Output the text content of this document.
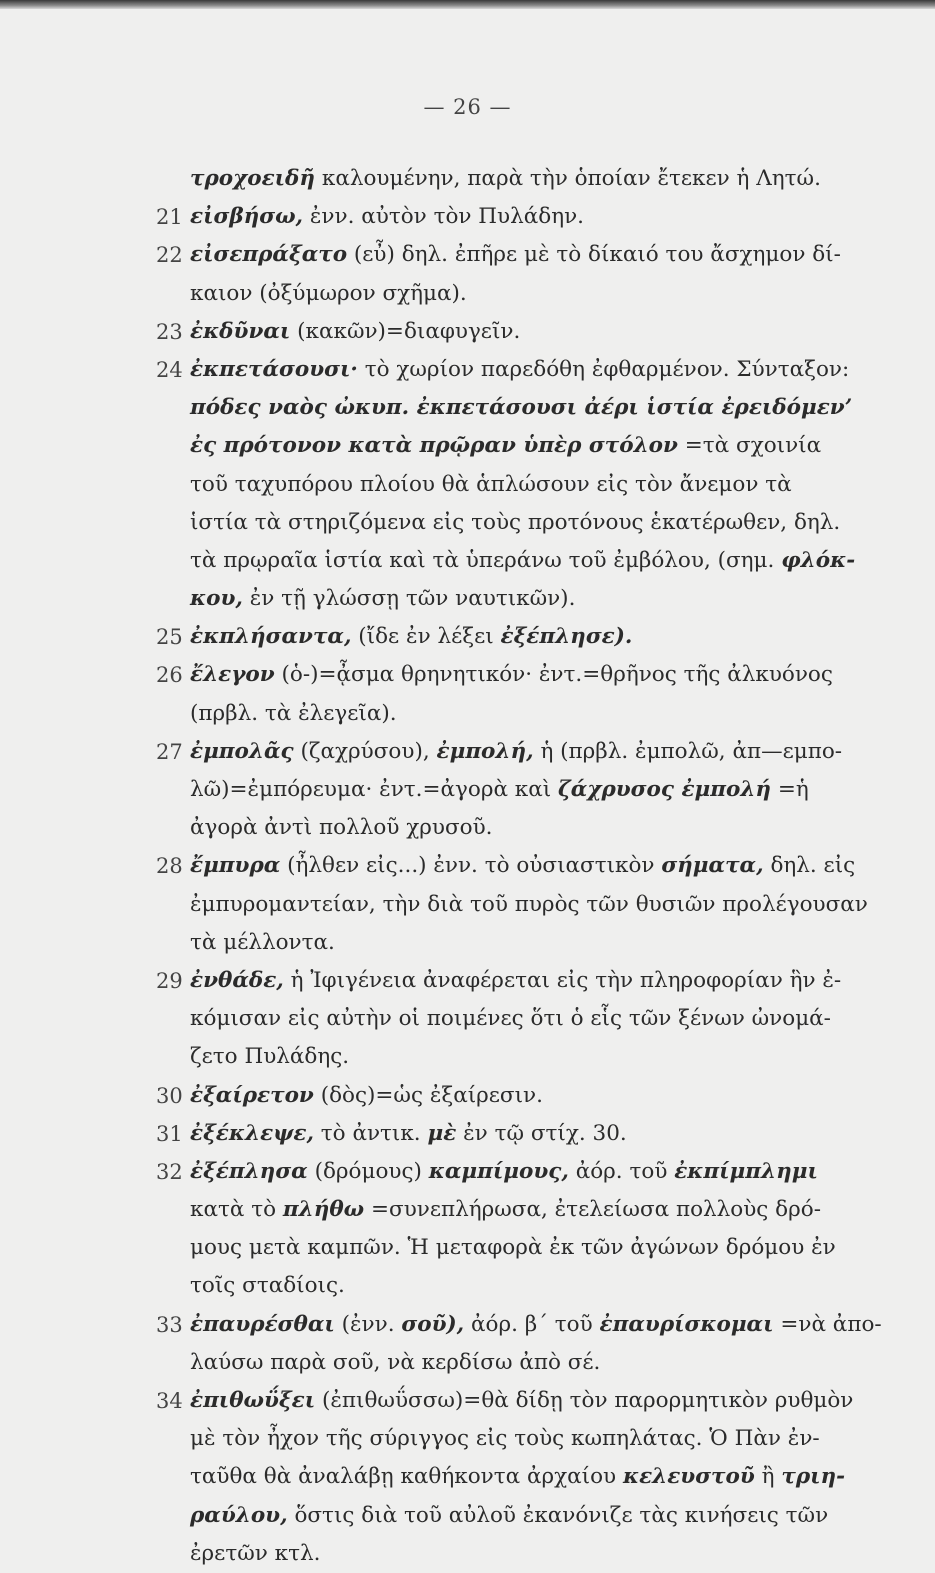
— 26 —
τροχοειδῆ καλουμένην, παρὰ τὴν ὁποίαν ἔτεκεν ἡ Λητώ.
21 εἰσβήσω, ἐνν. αὐτὸν τὸν Πυλάδην.
22 εἰσεπράξατο (εὖ) δηλ. ἐπῆρε μὲ τὸ δίκαιό του ἄσχημον δί-
καιον (ὀξύμωρον σχῆμα).
23 ἐκδῦναι (κακῶν)=διαφυγεῖν.
24 ἐκπετάσουσι· τὸ χωρίον παρεδόθη ἐφθαρμένον. Σύνταξον:
πόδες ναὸς ὠκυπ. ἐκπετάσουσι ἀέρι ἱστία ἐρειδόμεν’
ἐς πρότονον κατὰ πρῷραν ὑπὲρ στόλον =τὰ σχοινία
τοῦ ταχυπόρου πλοίου θὰ ἁπλώσουν εἰς τὸν ἄνεμον τὰ
ἱστία τὰ στηριζόμενα εἰς τοὺς προτόνους ἑκατέρωθεν, δηλ.
τὰ πρῳραῖα ἱστία καὶ τὰ ὑπεράνω τοῦ ἐμβόλου, (σημ. φλόκ-
κου, ἐν τῇ γλώσσῃ τῶν ναυτικῶν).
25 ἐκπλήσαντα, (ἴδε ἐν λέξει ἐξέπλησε).
26 ἔλεγον (ὁ-)=ᾆσμα θρηνητικόν· ἐντ.=θρῆνος τῆς ἀλκυόνος
(πρβλ. τὰ ἐλεγεῖα).
27 ἐμπολᾶς (ζαχρύσου), ἐμπολή, ἡ (πρβλ. ἐμπολῶ, ἀπ—εμπο-
λῶ)=ἐμπόρευμα· ἐντ.=ἀγορὰ καὶ ζάχρυσος ἐμπολή =ἡ
ἀγορὰ ἀντὶ πολλοῦ χρυσοῦ.
28 ἔμπυρα (ἦλθεν εἰς...) ἐνν. τὸ οὐσιαστικὸν σήματα, δηλ. εἰς
ἐμπυρομαντείαν, τὴν διὰ τοῦ πυρὸς τῶν θυσιῶν προλέγουσαν
τὰ μέλλοντα.
29 ἐνθάδε, ἡ Ἰφιγένεια ἀναφέρεται εἰς τὴν πληροφορίαν ἣν ἐ-
κόμισαν εἰς αὐτὴν οἱ ποιμένες ὅτι ὁ εἷς τῶν ξένων ὠνομά-
ζετο Πυλάδης.
30 ἐξαίρετον (δὸς)=ὡς ἐξαίρεσιν.
31 ἐξέκλεψε, τὸ ἀντικ. μὲ ἐν τῷ στίχ. 30.
32 ἐξέπλησα (δρόμους) καμπίμους, ἀόρ. τοῦ ἐκπίμπλημι
κατὰ τὸ πλήθω =συνεπλήρωσα, ἐτελείωσα πολλοὺς δρό-
μους μετὰ καμπῶν. Ἡ μεταφορὰ ἐκ τῶν ἀγώνων δρόμου ἐν
τοῖς σταδίοις.
33 ἐπαυρέσθαι (ἐνν. σοῦ), ἀόρ. β΄ τοῦ ἐπαυρίσκομαι =νὰ ἀπο-
λαύσω παρὰ σοῦ, νὰ κερδίσω ἀπὸ σέ.
34 ἐπιθωΰξει (ἐπιθωΰσσω)=θὰ δίδῃ τὸν παρορμητικὸν ρυθμὸν
μὲ τὸν ἦχον τῆς σύριγγος εἰς τοὺς κωπηλάτας. Ὁ Πὰν ἐν-
ταῦθα θὰ ἀναλάβῃ καθήκοντα ἀρχαίου κελευστοῦ ἢ τριη-
ραύλου, ὅστις διὰ τοῦ αὐλοῦ ἐκανόνιζε τὰς κινήσεις τῶν
ἐρετῶν κτλ.
